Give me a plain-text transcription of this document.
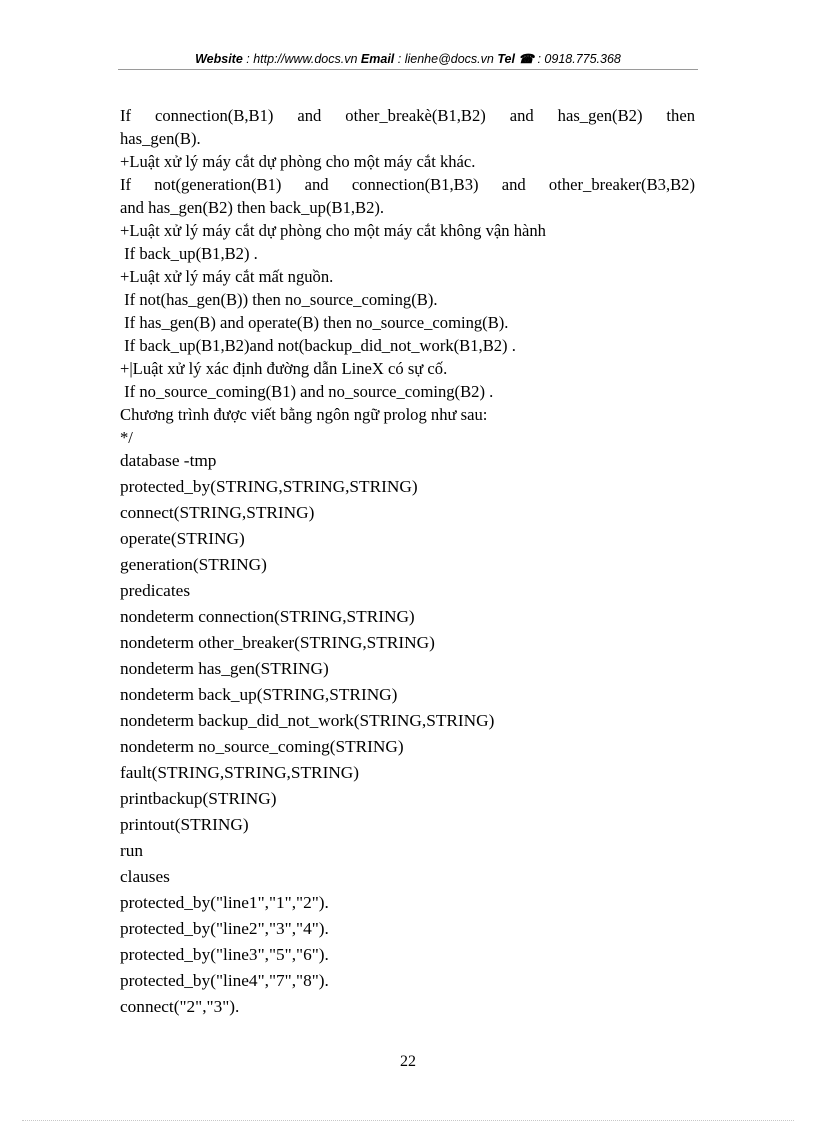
Website : http://www.docs.vn Email : lienhe@docs.vn Tel ☎ : 0918.775.368
If connection(B,B1) and other_breakè(B1,B2) and has_gen(B2) then
has_gen(B).
+Luật xử lý máy cắt dự phòng cho một máy cắt khác.
If not(generation(B1) and connection(B1,B3) and other_breaker(B3,B2)
and has_gen(B2) then back_up(B1,B2).
+Luật xử lý máy cắt dự phòng cho một máy cắt không vận hành
If back_up(B1,B2) .
+Luật xử lý máy cắt mất nguồn.
If not(has_gen(B)) then no_source_coming(B).
If has_gen(B) and operate(B) then no_source_coming(B).
If back_up(B1,B2)and not(backup_did_not_work(B1,B2) .
+|Luật xử lý xác định đường dẫn LineX có sự cố.
If no_source_coming(B1) and no_source_coming(B2) .
Chương trình được viết bằng ngôn ngữ prolog như sau:
*/
database -tmp
protected_by(STRING,STRING,STRING)
connect(STRING,STRING)
operate(STRING)
generation(STRING)
predicates
nondeterm connection(STRING,STRING)
nondeterm other_breaker(STRING,STRING)
nondeterm has_gen(STRING)
nondeterm back_up(STRING,STRING)
nondeterm backup_did_not_work(STRING,STRING)
nondeterm no_source_coming(STRING)
fault(STRING,STRING,STRING)
printbackup(STRING)
printout(STRING)
run
clauses
protected_by("line1","1","2").
protected_by("line2","3","4").
protected_by("line3","5","6").
protected_by("line4","7","8").
connect("2","3").
22
